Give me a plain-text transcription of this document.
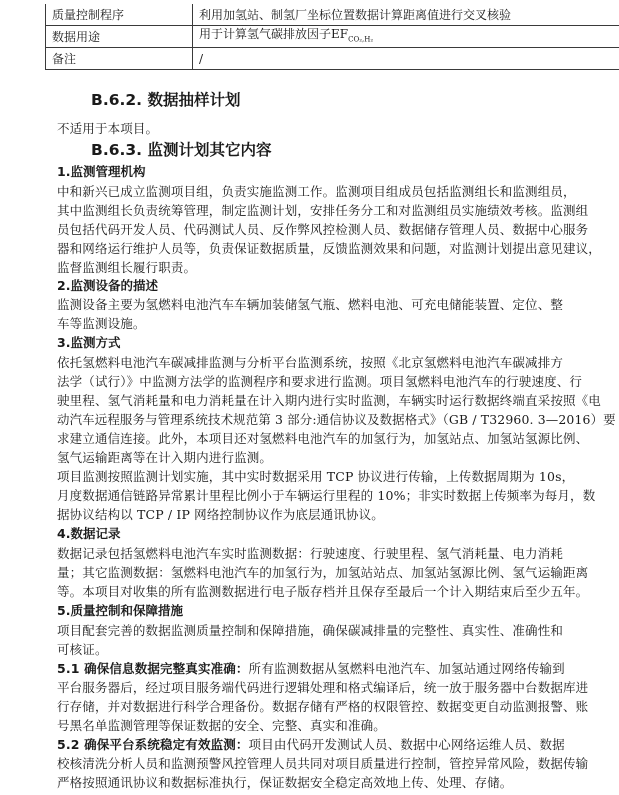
质量控制程序	利用加氢站、制氢厂坐标位置数据计算距离值进行交叉核验
数据用途	用于计算氢气碳排放因子$EF_{CO_2,H_2}$
备注	/
B.6.2. 数据抽样计划
不适用于本项目。
B.6.3. 监测计划其它内容
1.监测管理机构
中和新兴已成立监测项目组，负责实施监测工作。监测项目组成员包括监测组长和监测组员，
其中监测组长负责统筹管理，制定监测计划，安排任务分工和对监测组员实施绩效考核。监测组
员包括代码开发人员、代码测试人员、反作弊风控检测人员、数据储存管理人员、数据中心服务
器和网络运行维护人员等，负责保证数据质量，反馈监测效果和问题，对监测计划提出意见建议，
监督监测组长履行职责。
2.监测设备的描述
监测设备主要为氢燃料电池汽车车辆加装储氢气瓶、燃料电池、可充电储能装置、定位、整
车等监测设施。
3.监测方式
依托氢燃料电池汽车碳减排监测与分析平台监测系统，按照《北京氢燃料电池汽车碳减排方
法学（试行）》中监测方法学的监测程序和要求进行监测。项目氢燃料电池汽车的行驶速度、行
驶里程、氢气消耗量和电力消耗量在计入期内进行实时监测，车辆实时运行数据终端直采按照《电
动汽车远程服务与管理系统技术规范第 3 部分:通信协议及数据格式》（GB / T32960. 3—2016）要
求建立通信连接。此外，本项目还对氢燃料电池汽车的加氢行为，加氢站点、加氢站氢源比例、
氢气运输距离等在计入期内进行监测。
项目监测按照监测计划实施，其中实时数据采用 TCP 协议进行传输，上传数据周期为 10s，
月度数据通信链路异常累计里程比例小于车辆运行里程的 10%；非实时数据上传频率为每月，数
据协议结构以 TCP / IP 网络控制协议作为底层通讯协议。
4.数据记录
数据记录包括氢燃料电池汽车实时监测数据：行驶速度、行驶里程、氢气消耗量、电力消耗
量；其它监测数据：氢燃料电池汽车的加氢行为，加氢站站点、加氢站氢源比例、氢气运输距离
等。本项目对收集的所有监测数据进行电子版存档并且保存至最后一个计入期结束后至少五年。
5.质量控制和保障措施
项目配套完善的数据监测质量控制和保障措施，确保碳减排量的完整性、真实性、准确性和
可核证。
5.1 确保信息数据完整真实准确：所有监测数据从氢燃料电池汽车、加氢站通过网络传输到
平台服务器后，经过项目服务端代码进行逻辑处理和格式编译后，统一放于服务器中台数据库进
行存储，并对数据进行科学合理备份。数据存储有严格的权限管控、数据变更自动监测报警、账
号黑名单监测管理等保证数据的安全、完整、真实和准确。
5.2 确保平台系统稳定有效监测：项目由代码开发测试人员、数据中心网络运维人员、数据
校核清洗分析人员和监测预警风控管理人员共同对项目质量进行控制，管控异常风险，数据传输
严格按照通讯协议和数据标准执行，保证数据安全稳定高效地上传、处理、存储。
